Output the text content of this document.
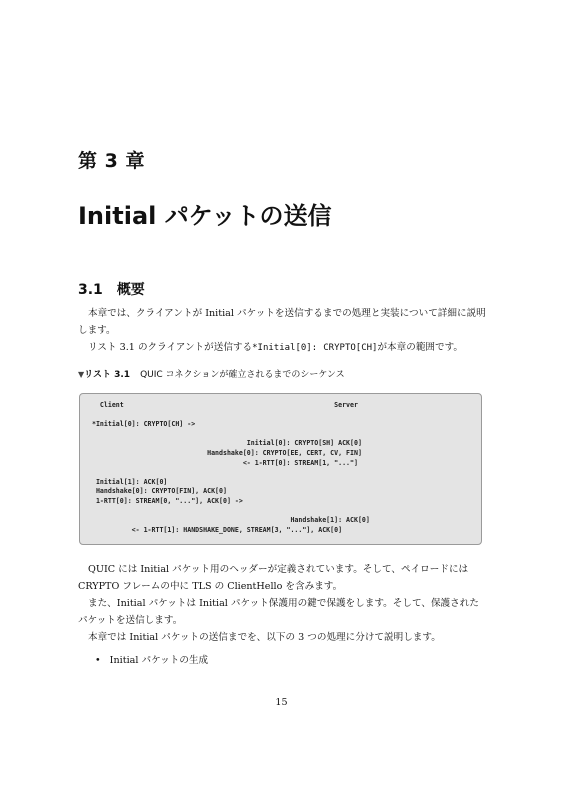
第 3 章
Initial パケットの送信
3.1 概要
本章では、クライアントが Initial パケットを送信するまでの処理と実装について詳細に説明します。
リスト 3.1 のクライアントが送信する*Initial[0]: CRYPTO[CH]が本章の範囲です。
▼リスト 3.1 QUIC コネクションが確立されるまでのシーケンス
Client                                                     Server

*Initial[0]: CRYPTO[CH] ->

Initial[0]: CRYPTO[SH] ACK[0]
Handshake[0]: CRYPTO[EE, CERT, CV, FIN]
<- 1-RTT[0]: STREAM[1, "..."]

Initial[1]: ACK[0]
Handshake[0]: CRYPTO[FIN], ACK[0]
1-RTT[0]: STREAM[0, "..."], ACK[0] ->

Handshake[1]: ACK[0]
<- 1-RTT[1]: HANDSHAKE_DONE, STREAM[3, "..."], ACK[0]
QUIC には Initial パケット用のヘッダーが定義されています。そして、ペイロードには CRYPTO フレームの中に TLS の ClientHello を含みます。
また、Initial パケットは Initial パケット保護用の鍵で保護をします。そして、保護されたパケットを送信します。
本章では Initial パケットの送信までを、以下の 3 つの処理に分けて説明します。
• Initial パケットの生成
15
